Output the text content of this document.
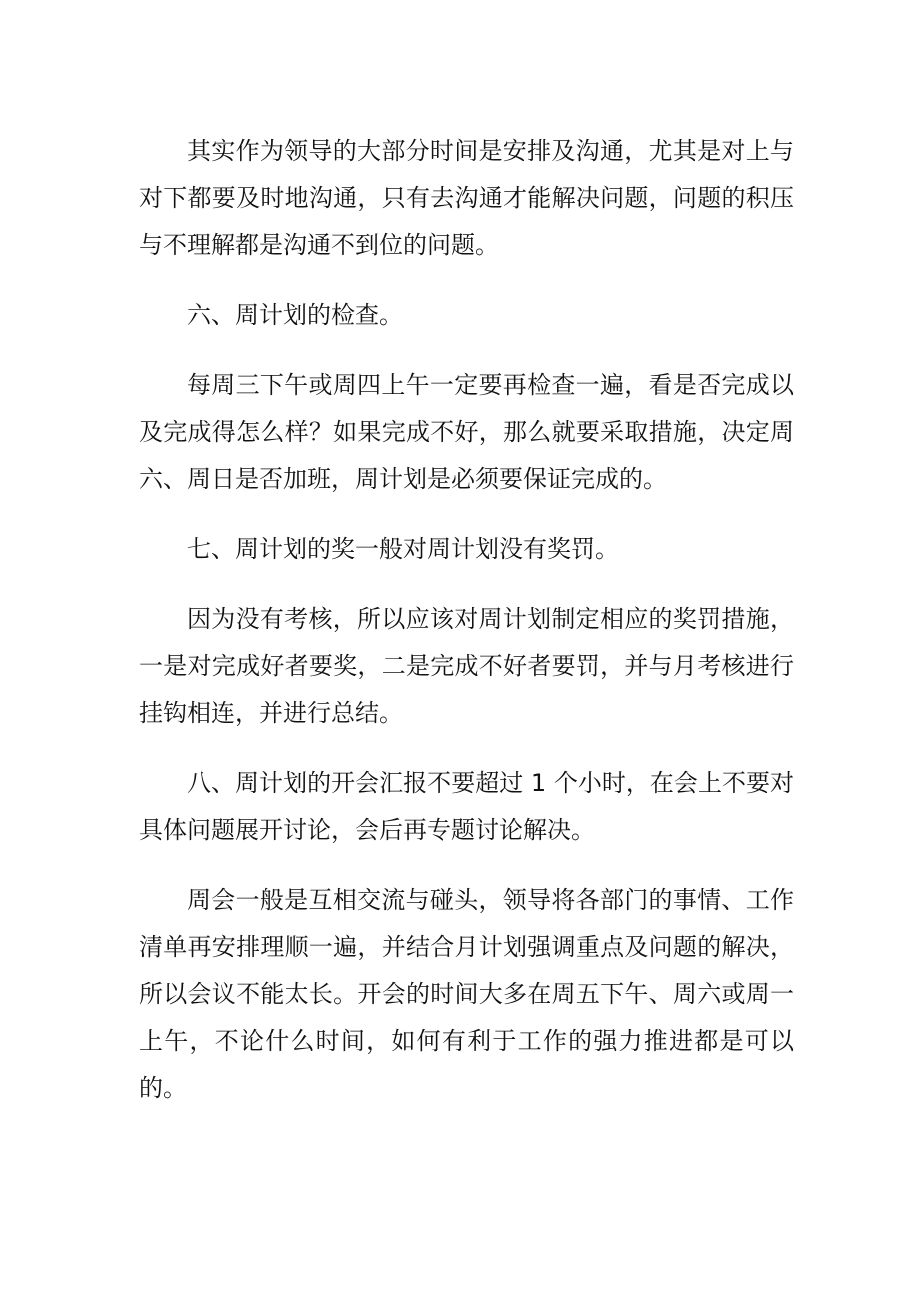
其实作为领导的大部分时间是安排及沟通，尤其是对上与对下都要及时地沟通，只有去沟通才能解决问题，问题的积压与不理解都是沟通不到位的问题。

六、周计划的检查。

每周三下午或周四上午一定要再检查一遍，看是否完成以及完成得怎么样？如果完成不好，那么就要采取措施，决定周六、周日是否加班，周计划是必须要保证完成的。

七、周计划的奖一般对周计划没有奖罚。

因为没有考核，所以应该对周计划制定相应的奖罚措施，一是对完成好者要奖，二是完成不好者要罚，并与月考核进行挂钩相连，并进行总结。

八、周计划的开会汇报不要超过 1 个小时，在会上不要对具体问题展开讨论，会后再专题讨论解决。

周会一般是互相交流与碰头，领导将各部门的事情、工作清单再安排理顺一遍，并结合月计划强调重点及问题的解决，所以会议不能太长。开会的时间大多在周五下午、周六或周一上午，不论什么时间，如何有利于工作的强力推进都是可以的。
